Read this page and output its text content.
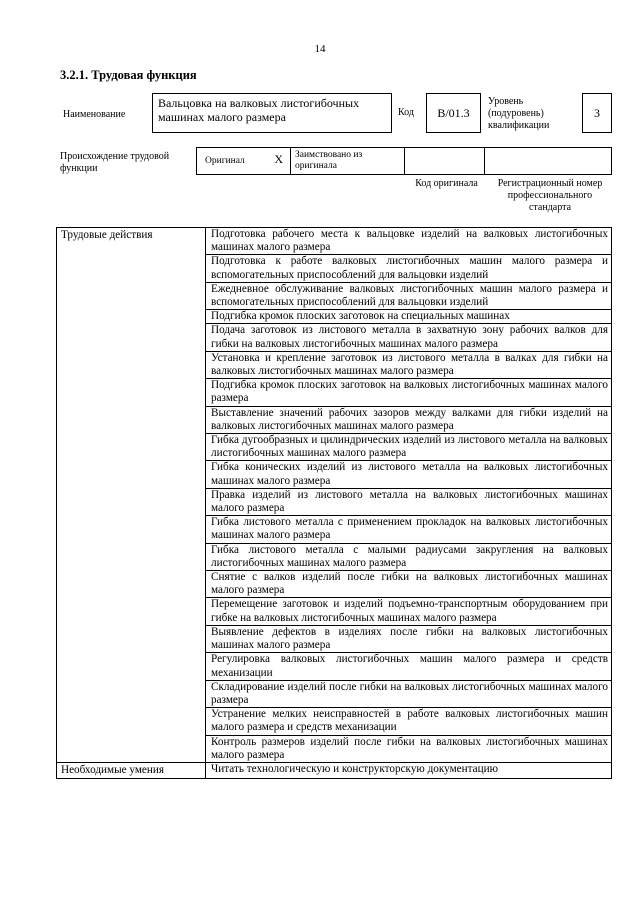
14
3.2.1. Трудовая функция
Наименование
Вальцовка на валковых листогибочных машинах малого размера	Код B/01.3
Уровень (подуровень) квалификации
3
Происхождение трудовой функции
Оригинал X	Заимствовано из оригинала
Код оригинала	Регистрационный номер профессионального стандарта
Трудовые действия	Подготовка рабочего места к вальцовке изделий на валковых листогибочных машинах малого размера
	Подготовка к работе валковых листогибочных машин малого размера и вспомогательных приспособлений для вальцовки изделий
	Ежедневное обслуживание валковых листогибочных машин малого размера и вспомогательных приспособлений для вальцовки изделий
	Подгибка кромок плоских заготовок на специальных машинах
	Подача заготовок из листового металла в захватную зону рабочих валков для гибки на валковых листогибочных машинах малого размера
	Установка и крепление заготовок из листового металла в валках для гибки на валковых листогибочных машинах малого размера
	Подгибка кромок плоских заготовок на валковых листогибочных машинах малого размера
	Выставление значений рабочих зазоров между валками для гибки изделий на валковых листогибочных машинах малого размера
	Гибка дугообразных и цилиндрических изделий из листового металла на валковых листогибочных машинах малого размера
	Гибка конических изделий из листового металла на валковых листогибочных машинах малого размера
	Правка изделий из листового металла на валковых листогибочных машинах малого размера
	Гибка листового металла с применением прокладок на валковых листогибочных машинах малого размера
	Гибка листового металла с малыми радиусами закругления на валковых листогибочных машинах малого размера
	Снятие с валков изделий после гибки на валковых листогибочных машинах малого размера
	Перемещение заготовок и изделий подъемно-транспортным оборудованием при гибке на валковых листогибочных машинах малого размера
	Выявление дефектов в изделиях после гибки на валковых листогибочных машинах малого размера
	Регулировка валковых листогибочных машин малого размера и средств механизации
	Складирование изделий после гибки на валковых листогибочных машинах малого размера
	Устранение мелких неисправностей в работе валковых листогибочных машин малого размера и средств механизации
	Контроль размеров изделий после гибки на валковых листогибочных машинах малого размера
Необходимые умения	Читать технологическую и конструкторскую документацию
